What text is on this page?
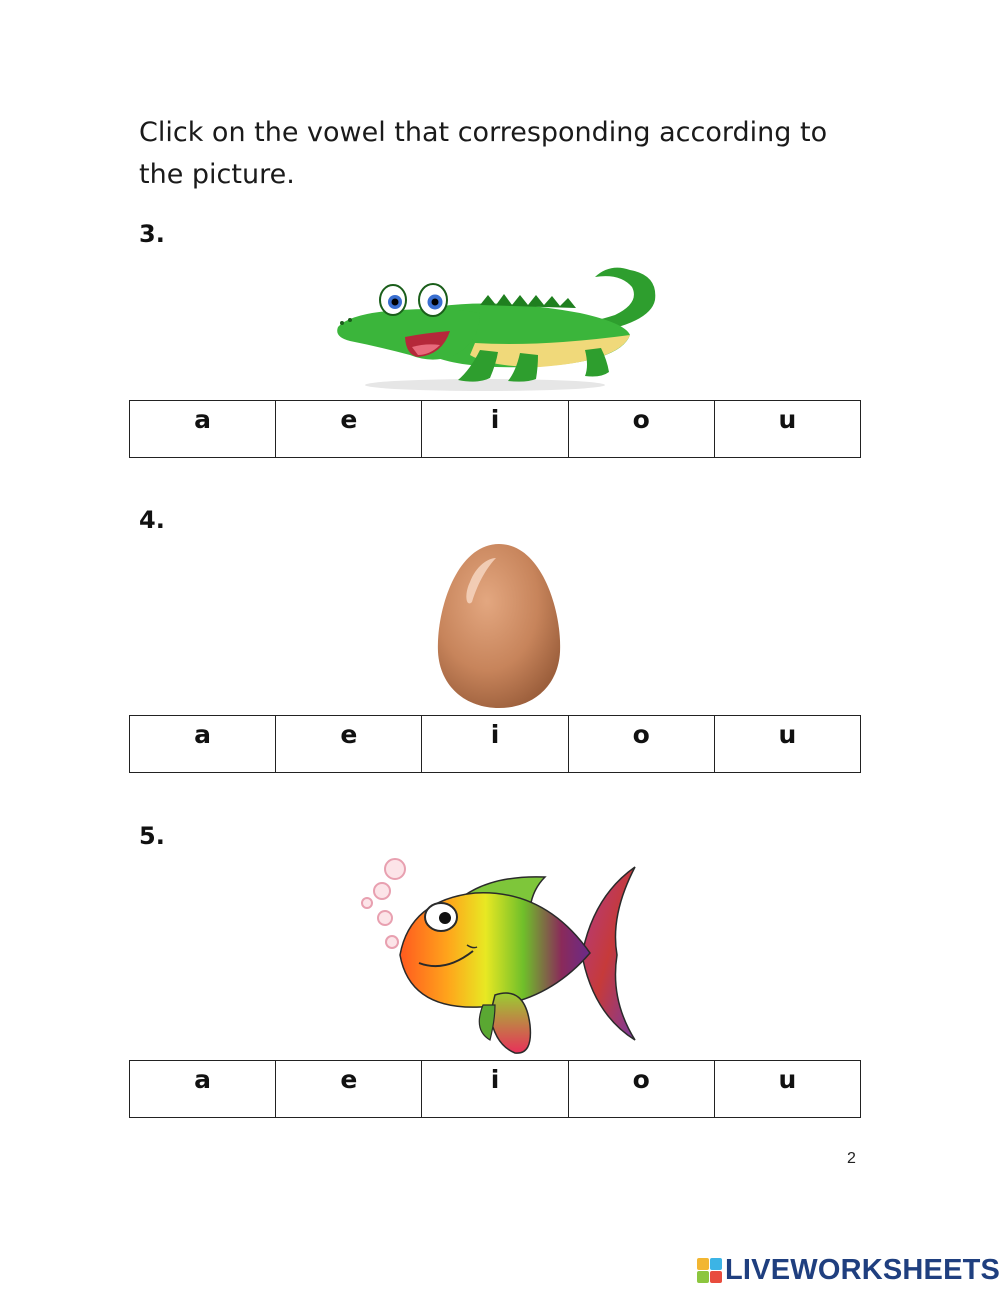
Click on the vowel that corresponding according to the picture.

3.
a	e	i	o	u
4.
a	e	i	o	u
5.
a	e	i	o	u
2
LIVEWORKSHEETS
